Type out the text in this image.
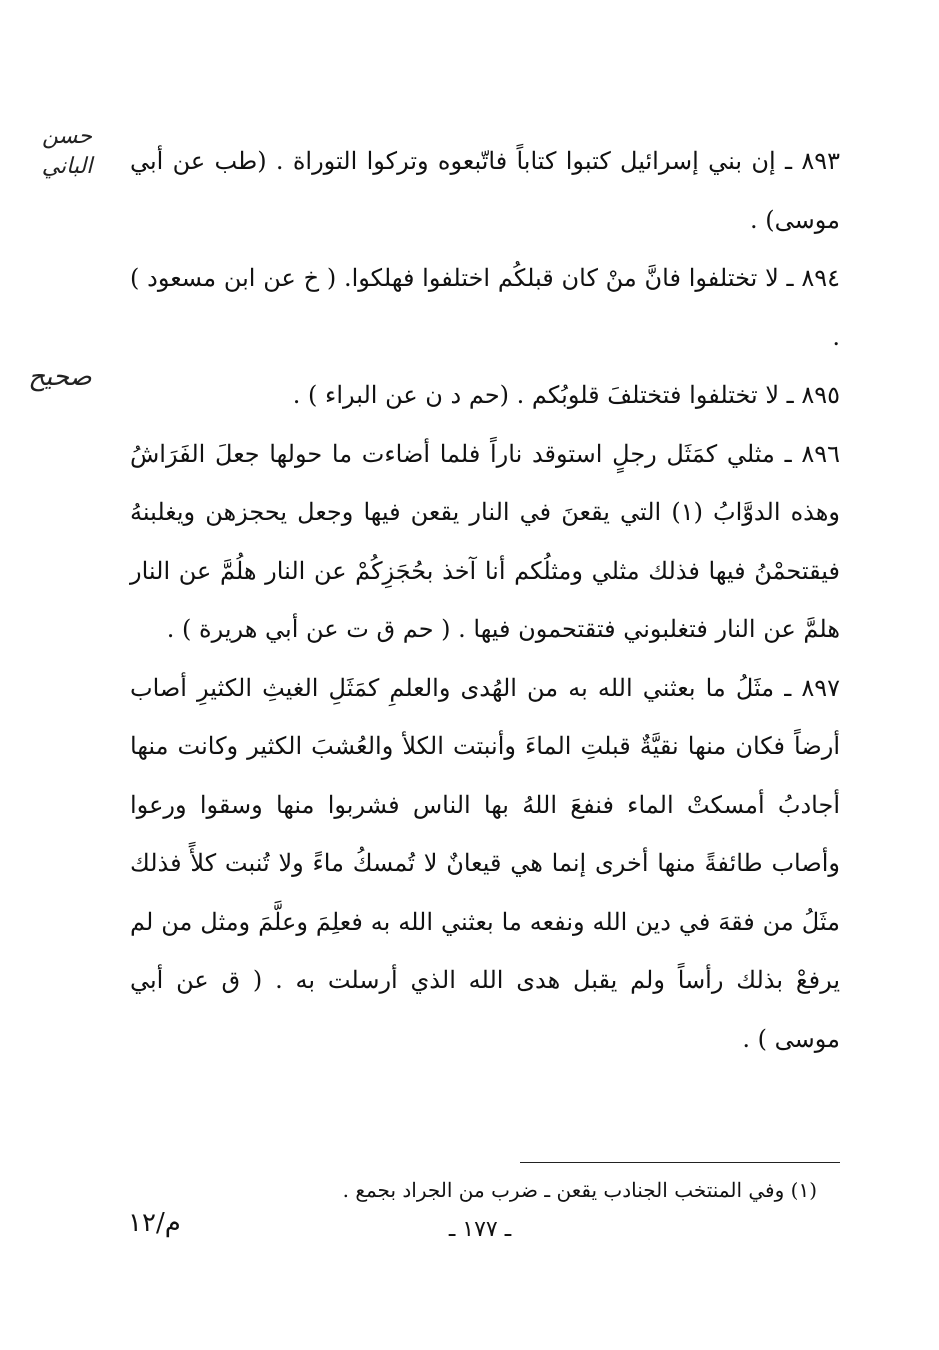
حسن الباني
صحيح

٨٩٣ ـ إن بني إسرائيل كتبوا كتاباً فاتّبعوه وتركوا التوراة . (طب عن أبي موسى) .

٨٩٤ ـ لا تختلفوا فانَّ منْ كان قبلكُم اختلفوا فهلكوا. ( خ عن ابن مسعود ) .

٨٩٥ ـ لا تختلفوا فتختلفَ قلوبُكم . (حم د ن عن البراء ) .

٨٩٦ ـ مثلي كمَثَل رجلٍ استوقد ناراً فلما أضاءت ما حولها جعلَ الفَرَاشُ وهذه الدوَّابُ (١) التي يقعنَ في النار يقعن فيها وجعل يحجزهن ويغلبنهُ فيقتحمْنُ فيها فذلك مثلي ومثلُكم أنا آخذ بحُجَزِكُمْ عن النار هلُمَّ عن النار هلمَّ عن النار فتغلبوني فتقتحمون فيها . ( حم ق ت عن أبي هريرة ) .

٨٩٧ ـ مثَلُ ما بعثني الله به من الهُدى والعلمِ كمَثَلِ الغيثِ الكثيرِ أصاب أرضاً فكان منها نقيَّةٌ قبلتِ الماءَ وأنبتت الكلأ والعُشبَ الكثير وكانت منها أجادبُ أمسكتْ الماء فنفعَ اللهُ بها الناس فشربوا منها وسقوا ورعوا وأصاب طائفةً منها أخرى إنما هي قيعانٌ لا تُمسكُ ماءً ولا تُنبت كلأً فذلك مثَلُ من فقهَ في دين الله ونفعه ما بعثني الله به فعلِمَ وعلَّمَ ومثل من لم يرفعْ بذلك رأساً ولم يقبل هدى الله الذي أرسلت به . ( ق عن أبي موسى ) .

(١) وفي المنتخب الجنادب يقعن ـ ضرب من الجراد بجمع .
م/١٢	ـ ١٧٧ ـ
